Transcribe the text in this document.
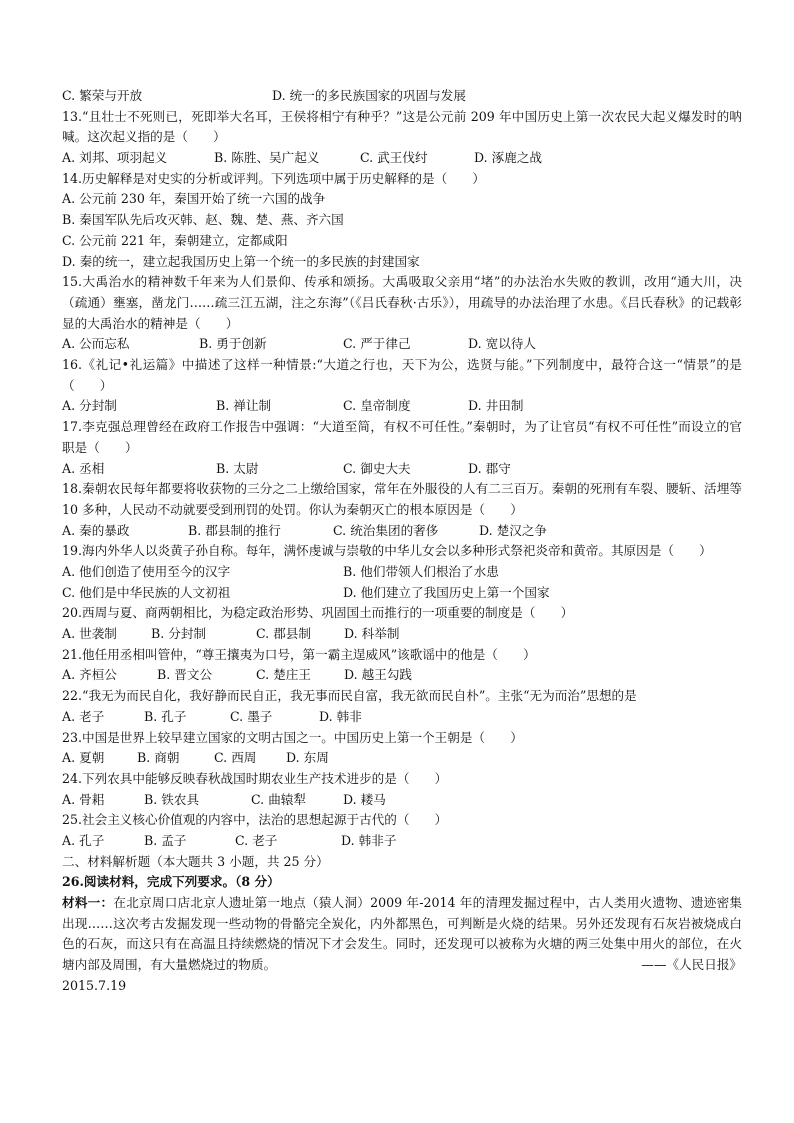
C. 繁荣与开放	D. 统一的多民族国家的巩固与发展
13.“且壮士不死则已，死即举大名耳，王侯将相宁有种乎？”这是公元前 209 年中国历史上第一次农民大起义爆发时的呐喊。这次起义指的是（　　）
A. 刘邦、项羽起义	B. 陈胜、吴广起义	C. 武王伐纣	D. 涿鹿之战
14.历史解释是对史实的分析或评判。下列选项中属于历史解释的是（　　）
A. 公元前 230 年，秦国开始了统一六国的战争
B. 秦国军队先后攻灭韩、赵、魏、楚、燕、齐六国
C. 公元前 221 年，秦朝建立，定都咸阳
D. 秦的统一，建立起我国历史上第一个统一的多民族的封建国家
15.大禹治水的精神数千年来为人们景仰、传承和颂扬。大禹吸取父亲用“堵”的办法治水失败的教训，改用“通大川，决（疏通）壅塞，凿龙门……疏三江五湖，注之东海”（《吕氏春秋·古乐》），用疏导的办法治理了水患。《吕氏春秋》的记载彰显的大禹治水的精神是（　　）
A. 公而忘私	B. 勇于创新	C. 严于律己	D. 宽以待人
16.《礼记•礼运篇》中描述了这样一种情景:“大道之行也，天下为公，选贤与能。”下列制度中，最符合这一“情景”的是（　　）
A. 分封制	B. 禅让制	C. 皇帝制度	D. 井田制
17.李克强总理曾经在政府工作报告中强调：“大道至简，有权不可任性。”秦朝时，为了让官员“有权不可任性”而设立的官职是（　　）
A. 丞相	B. 太尉	C. 御史大夫	D. 郡守
18.秦朝农民每年都要将收获物的三分之二上缴给国家，常年在外服役的人有二三百万。秦朝的死刑有车裂、腰斩、活埋等 10 多种，人民动不动就要受到刑罚的处罚。你认为秦朝灭亡的根本原因是（　　）
A. 秦的暴政	B. 郡县制的推行	C. 统治集团的奢侈	D. 楚汉之争
19.海内外华人以炎黄子孙自称。每年，满怀虔诚与崇敬的中华儿女会以多种形式祭祀炎帝和黄帝。其原因是（　　）
A. 他们创造了使用至今的汉字	B. 他们带领人们根治了水患
C. 他们是中华民族的人文初祖	D. 他们建立了我国历史上第一个国家
20.西周与夏、商两朝相比，为稳定政治形势、巩固国土而推行的一项重要的制度是（　　）
A. 世袭制	B. 分封制	C. 郡县制	D. 科举制
21.他任用丞相叫管仲，“尊王攘夷为口号，第一霸主逞威风”该歌谣中的他是（　　）
A. 齐桓公	B. 晋文公	C. 楚庄王	D. 越王勾践
22.“我无为而民自化，我好静而民自正，我无事而民自富，我无欲而民自朴”。主张“无为而治”思想的是
A. 老子	B. 孔子	C. 墨子	D. 韩非
23.中国是世界上较早建立国家的文明古国之一。中国历史上第一个王朝是（　　）
A. 夏朝	B. 商朝	C. 西周	D. 东周
24.下列农具中能够反映春秋战国时期农业生产技术进步的是（　　）
A. 骨耜	B. 铁农具	C. 曲辕犁	D. 耧马
25.社会主义核心价值观的内容中，法治的思想起源于古代的（　　）
A. 孔子	B. 孟子	C. 老子	D. 韩非子
二、材料解析题（本大题共 3 小题，共 25 分）
26.阅读材料，完成下列要求。（8 分）
材料一：在北京周口店北京人遗址第一地点（猿人洞）2009 年-2014 年的清理发掘过程中，古人类用火遗物、遗迹密集出现……这次考古发掘发现一些动物的骨骼完全炭化，内外都黑色，可判断是火烧的结果。另外还发现有石灰岩被烧成白色的石灰，而这只有在高温且持续燃烧的情况下才会发生。同时，还发现可以被称为火塘的两三处集中用火的部位，在火塘内部及周围，有大量燃烧过的物质。
2015.7.19
——《人民日报》
